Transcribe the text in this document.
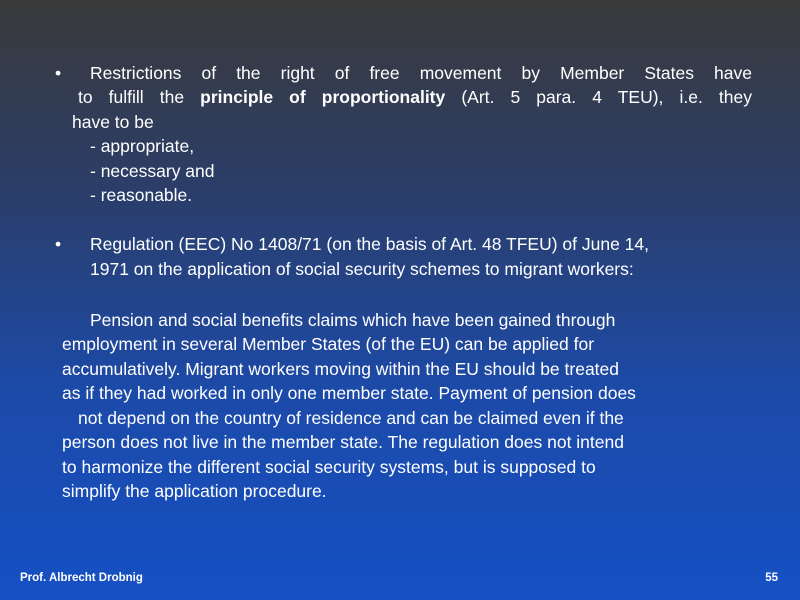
• Restrictions of the right of free movement by Member States have
to fulfill the principle of proportionality (Art. 5 para. 4 TEU), i.e. they
have to be
- appropriate,
- necessary and
- reasonable.
• Regulation (EEC) No 1408/71 (on the basis of Art. 48 TFEU) of June 14,
1971 on the application of social security schemes to migrant workers:
Pension and social benefits claims which have been gained through
employment in several Member States (of the EU) can be applied for
accumulatively. Migrant workers moving within the EU should be treated
as if they had worked in only one member state. Payment of pension does
not depend on the country of residence and can be claimed even if the
person does not live in the member state. The regulation does not intend
to harmonize the different social security systems, but is supposed to
simplify the application procedure.
Prof. Albrecht Drobnig	55
